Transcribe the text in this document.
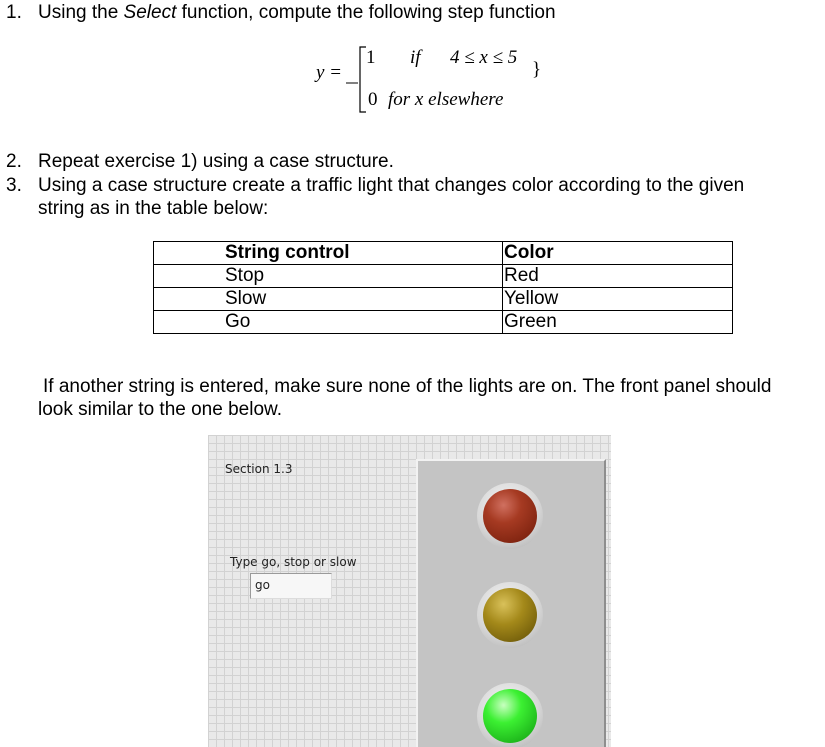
1. Using the Select function, compute the following step function
y =
1 if 4 ≤ x ≤ 5
}
0 for x elsewhere
2. Repeat exercise 1) using a case structure.
3. Using a case structure create a traffic light that changes color according to the given
string as in the table below:
String control	Color
Stop	Red
Slow	Yellow
Go	Green
If another string is entered, make sure none of the lights are on. The front panel should
look similar to the one below.
Section 1.3
Type go, stop or slow
go
